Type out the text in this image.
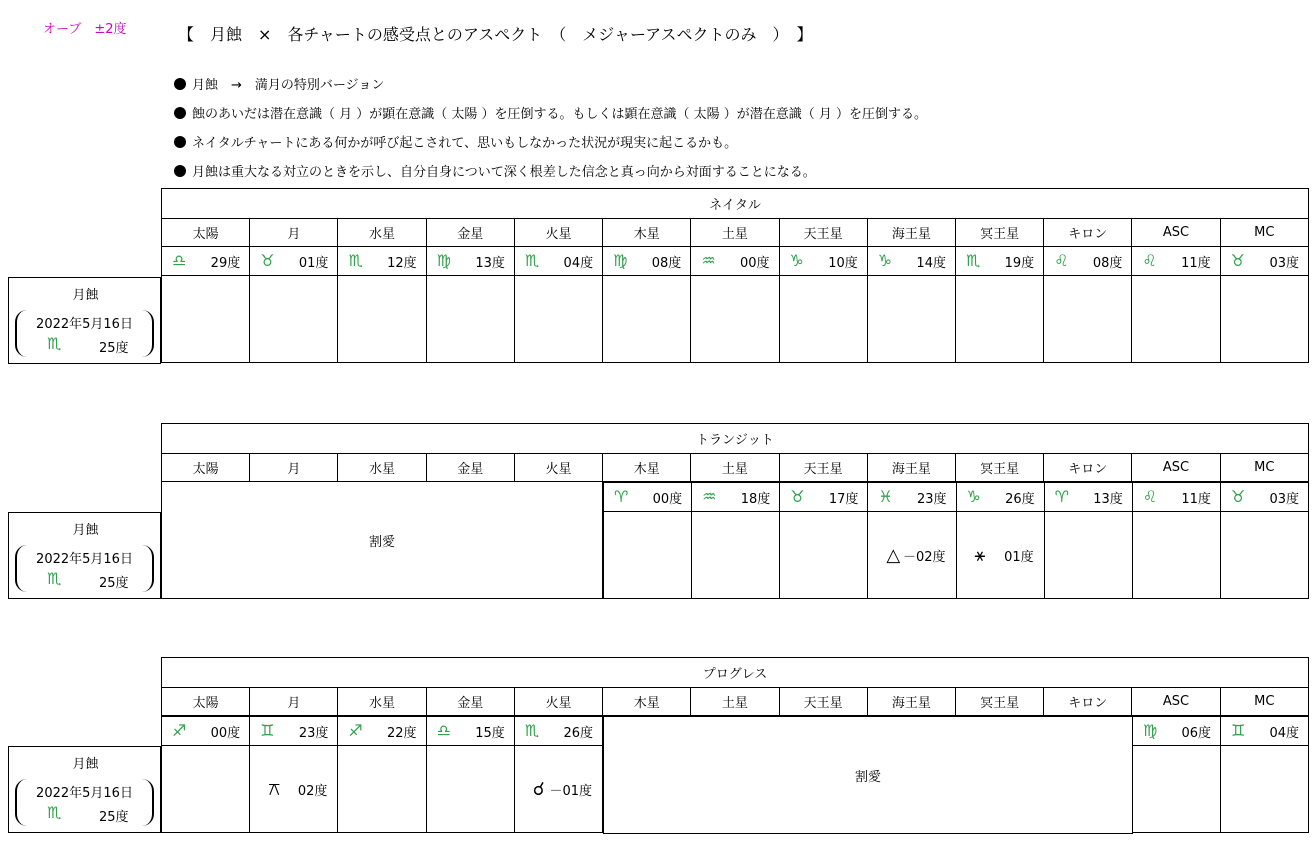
オーブ　±2度	【　月蝕　×　各チャートの感受点とのアスペクト　（　メジャーアスペクトのみ　）　】
月蝕　→　満月の特別バージョン
蝕のあいだは潜在意識（ 月 ）が顕在意識（ 太陽 ）を圧倒する。もしくは顕在意識（ 太陽 ）が潜在意識（ 月 ）を圧倒する。
ネイタルチャートにある何かが呼び起こされて、思いもしなかった状況が現実に起こるかも。
月蝕は重大なる対立のときを示し、自分自身について深く根差した信念と真っ向から対面することになる。
月蝕
2022年5月16日
♏	25度
ネイタル												
太陽	月	水星	金星	火星	木星	土星	天王星	海王星	冥王星	キロン	ASC	MC

♎ 29度	♉ 01度	♏ 12度	♍ 13度	♏ 04度	♍ 08度	♒ 00度	♑ 10度	♑ 14度	♏ 19度	♌ 08度	♌ 11度	♉ 03度

月蝕
2022年5月16日
♏	25度
トランジット
太陽	月	水星	金星	火星	木星	土星	天王星	海王星	冥王星	キロン	ASC	MC
割愛
♈ 00度	♒ 18度	♉ 17度	♓ 23度	♑ 26度	♈ 13度	♌ 11度	♉ 03度

			△ －02度	⚹ 01度			

月蝕
2022年5月16日
♏	25度
プログレス
太陽	月	水星	金星	火星	木星	土星	天王星	海王星	冥王星	キロン	ASC	MC
♐ 00度	♊ 23度	♐ 22度	♎ 15度	♏ 26度

	⚻ 02度			☌ －01度
割愛
♍ 06度	♊ 04度
